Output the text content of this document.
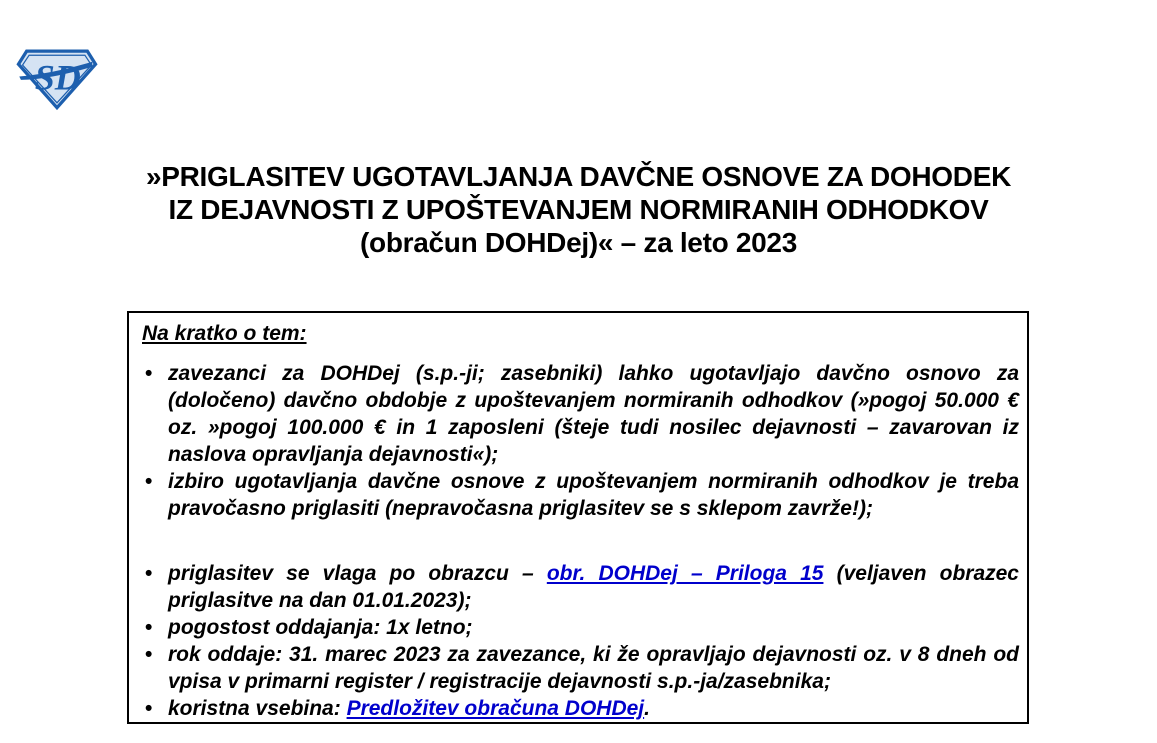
SD
»PRIGLASITEV UGOTAVLJANJA DAVČNE OSNOVE ZA DOHODEK
IZ DEJAVNOSTI Z UPOŠTEVANJEM NORMIRANIH ODHODKOV
(obračun DOHDej)« – za leto 2023
Na kratko o tem:
• zavezanci za DOHDej (s.p.-ji; zasebniki) lahko ugotavljajo davčno osnovo za (določeno) davčno obdobje z upoštevanjem normiranih odhodkov (»pogoj 50.000 € oz. »pogoj 100.000 € in 1 zaposleni (šteje tudi nosilec dejavnosti – zavarovan iz naslova opravljanja dejavnosti«);
• izbiro ugotavljanja davčne osnove z upoštevanjem normiranih odhodkov je treba pravočasno priglasiti (nepravočasna priglasitev se s sklepom zavrže!);
• priglasitev se vlaga po obrazcu – obr. DOHDej – Priloga 15 (veljaven obrazec priglasitve na dan 01.01.2023);
• pogostost oddajanja: 1x letno;
• rok oddaje: 31. marec 2023 za zavezance, ki že opravljajo dejavnosti oz. v 8 dneh od vpisa v primarni register / registracije dejavnosti s.p.-ja/zasebnika;
• koristna vsebina: Predložitev obračuna DOHDej.
